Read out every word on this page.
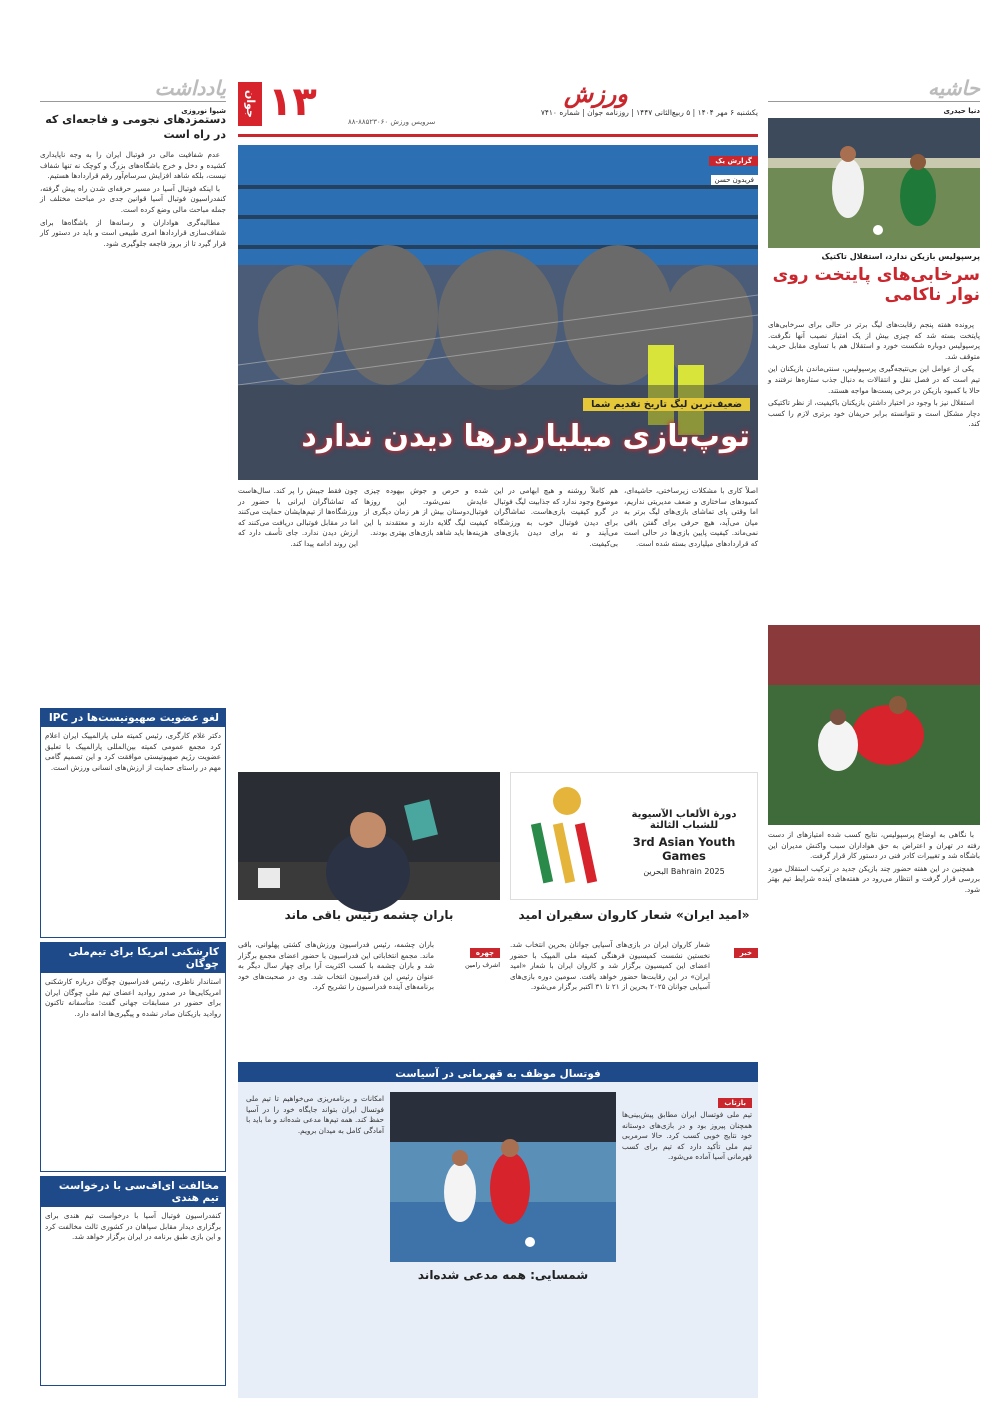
جوان ۱۳	ورزش
یکشنبه ۶ مهر ۱۴۰۴ | ۵ ربیع‌الثانی ۱۴۴۷ | روزنامه جوان | شماره ۷۴۱۰
سرویس ورزش ۸۸۵۲۳۰۶۰-۸۸
حاشیه
دنیا حیدری
پرسپولیس بازیکن ندارد، استقلال تاکتیک
سرخابی‌های پایتخت روی نوار ناکامی

پرونده هفته پنجم رقابت‌های لیگ برتر در حالی برای سرخابی‌های پایتخت بسته شد که چیزی بیش از یک امتیاز نصیب آنها نگرفت. پرسپولیس دوباره شکست خورد و استقلال هم با تساوی مقابل حریف متوقف شد.

یکی از عوامل این بی‌نتیجه‌گیری پرسپولیس، سنتی‌ماندن بازیکنان این تیم است که در فصل نقل و انتقالات به دنبال جذب ستاره‌ها نرفتند و حالا با کمبود بازیکن در برخی پست‌ها مواجه هستند.

استقلال نیز با وجود در اختیار داشتن بازیکنان باکیفیت، از نظر تاکتیکی دچار مشکل است و نتوانسته برابر حریفان خود برتری لازم را کسب کند.

با نگاهی به اوضاع پرسپولیس، نتایج کسب شده امتیازهای از دست رفته در تهران و اعتراض به حق هواداران سبب واکنش مدیران این باشگاه شد و تغییرات کادر فنی در دستور کار قرار گرفت.

همچنین در این هفته حضور چند بازیکن جدید در ترکیب استقلال مورد بررسی قرار گرفت و انتظار می‌رود در هفته‌های آینده شرایط تیم بهتر شود.

یادداشت
شیوا نوروزی
دستمزدهای نجومی و فاجعه‌ای که در راه است

عدم شفافیت مالی در فوتبال ایران را به وجه ناپایداری کشیده و دخل و خرج باشگاه‌های بزرگ و کوچک نه تنها شفاف نیست، بلکه شاهد افزایش سرسام‌آور رقم قراردادها هستیم.

با اینکه فوتبال آسیا در مسیر حرفه‌ای شدن راه‌ پیش گرفته، کنفدراسیون فوتبال آسیا قوانین جدی در مباحث مختلف از جمله مباحث مالی وضع کرده است.

مطالبه‌گری هواداران و رسانه‌ها از باشگاه‌ها برای شفاف‌سازی قراردادها امری طبیعی است و باید در دستور کار قرار گیرد تا از بروز فاجعه جلوگیری شود.

لغو عضویت صهیونیست‌ها در IPC
دکتر غلام کارگری، رئیس کمیته ملی پارالمپیک ایران اعلام کرد مجمع عمومی کمیته بین‌المللی پارالمپیک با تعلیق عضویت رژیم صهیونیستی موافقت کرد و این تصمیم گامی مهم در راستای حمایت از ارزش‌های انسانی ورزش است.
کارشکنی امریکا برای تیم‌ملی چوگان
استاندار ناظری، رئیس فدراسیون چوگان درباره کارشکنی امریکایی‌ها در صدور روادید اعضای تیم ملی چوگان ایران برای حضور در مسابقات جهانی گفت: متأسفانه تاکنون روادید بازیکنان صادر نشده و پیگیری‌ها ادامه دارد.
مخالفت ای‌اف‌سی با درخواست تیم هندی
کنفدراسیون فوتبال آسیا با درخواست تیم هندی برای برگزاری دیدار مقابل سپاهان در کشوری ثالث مخالفت کرد و این بازی طبق برنامه در ایران برگزار خواهد شد.
گزارش یک فریدون حسن
ضعیف‌ترین لیگ تاریخ تقدیم شما
توپ‌بازی میلیاردرها دیدن ندارد
اصلاً کاری با مشکلات زیرساختی، حاشیه‌ای، کمبودهای ساختاری و ضعف مدیریتی نداریم، اما وقتی پای تماشای بازی‌های لیگ برتر به میان می‌آید، هیچ حرفی برای گفتن باقی نمی‌ماند. کیفیت پایین بازی‌ها در حالی است که قراردادهای میلیاردی بسته شده است.
هم کاملاً روشنه و هیچ ابهامی در این موضوع وجود ندارد که جذابیت لیگ فوتبال در گرو کیفیت بازی‌هاست. تماشاگران برای دیدن فوتبال خوب به ورزشگاه می‌آیند و نه برای دیدن بازی‌های بی‌کیفیت.
شده و حرص و جوش بیهوده چیزی عایدش نمی‌شود. این روزها فوتبال‌دوستان بیش از هر زمان دیگری از کیفیت لیگ گلایه دارند و معتقدند با این هزینه‌ها باید شاهد بازی‌های بهتری بودند.
چون فقط جیبش را پر کند. سال‌هاست که تماشاگران ایرانی با حضور در ورزشگاه‌ها از تیم‌هایشان حمایت می‌کنند اما در مقابل فوتبالی دریافت می‌کنند که ارزش دیدن ندارد. جای تأسف دارد که این روند ادامه پیدا کند.
دورة الألعاب الآسيوية للشباب الثالثة
3rd Asian Youth Games
Bahrain 2025 البحرين
«امید ایران» شعار کاروان سفیران امید
خبر
شعار کاروان ایران در بازی‌های آسیایی جوانان بحرین انتخاب شد. نخستین نشست کمیسیون فرهنگی کمیته ملی المپیک با حضور اعضای این کمیسیون برگزار شد و کاروان ایران با شعار «امید ایران» در این رقابت‌ها حضور خواهد یافت. سومین دوره بازی‌های آسیایی جوانان ۲۰۲۵ بحرین از ۲۱ تا ۳۱ اکتبر برگزار می‌شود.
باران چشمه رئیس باقی ماند
چهره
اشرف رامین
باران چشمه، رئیس فدراسیون ورزش‌های کشتی پهلوانی، باقی ماند. مجمع انتخاباتی این فدراسیون با حضور اعضای مجمع برگزار شد و باران چشمه با کسب اکثریت آرا برای چهار سال دیگر به عنوان رئیس این فدراسیون انتخاب شد. وی در صحبت‌های خود برنامه‌های آینده فدراسیون را تشریح کرد.
فوتسال موظف به قهرمانی در آسیاست
بازتاب
تیم ملی فوتسال ایران مطابق پیش‌بینی‌ها همچنان پیروز بود و در بازی‌های دوستانه خود نتایج خوبی کسب کرد. حالا سرمربی تیم ملی تأکید دارد که تیم برای کسب قهرمانی آسیا آماده می‌شود.
شمسایی: همه مدعی شده‌اند
امکانات و برنامه‌ریزی می‌خواهیم تا تیم ملی فوتسال ایران بتواند جایگاه خود را در آسیا حفظ کند. همه تیم‌ها مدعی شده‌اند و ما باید با آمادگی کامل به میدان برویم.
